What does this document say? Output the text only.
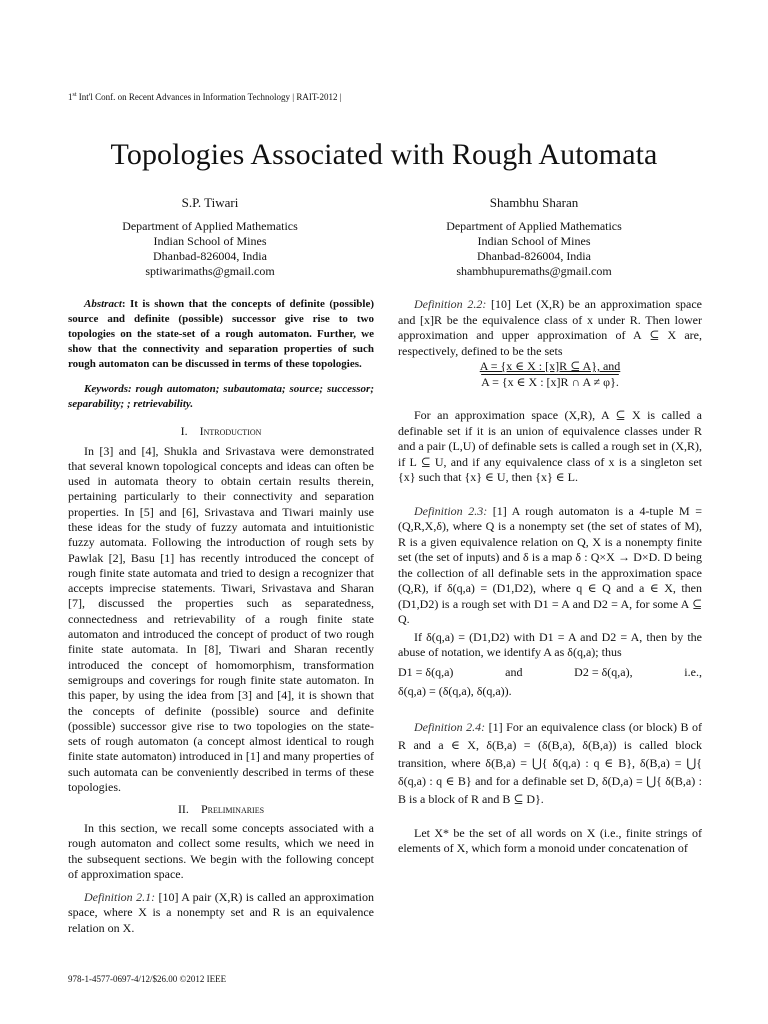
1st Int'l Conf. on Recent Advances in Information Technology | RAIT-2012 |
Topologies Associated with Rough Automata
S.P. Tiwari
Department of Applied Mathematics
Indian School of Mines
Dhanbad-826004, India
sptiwarimaths@gmail.com
Shambhu Sharan
Department of Applied Mathematics
Indian School of Mines
Dhanbad-826004, India
shambhupuremaths@gmail.com

Abstract: It is shown that the concepts of definite (possible) source and definite (possible) successor give rise to two topologies on the state-set of a rough automaton. Further, we show that the connectivity and separation properties of such rough automaton can be discussed in terms of these topologies.

Keywords: rough automaton; subautomata; source; successor; separability; ; retrievability.

I. Introduction

In [3] and [4], Shukla and Srivastava were demonstrated that several known topological concepts and ideas can often be used in automata theory to obtain certain results therein, pertaining particularly to their connectivity and separation properties. In [5] and [6], Srivastava and Tiwari mainly use these ideas for the study of fuzzy automata and intuitionistic fuzzy automata. Following the introduction of rough sets by Pawlak [2], Basu [1] has recently introduced the concept of rough finite state automata and tried to design a recognizer that accepts imprecise statements. Tiwari, Srivastava and Sharan [7], discussed the properties such as separatedness, connectedness and retrievability of a rough finite state automaton and introduced the concept of product of two rough finite state automata. In [8], Tiwari and Sharan recently introduced the concept of homomorphism, transformation semigroups and coverings for rough finite state automaton. In this paper, by using the idea from [3] and [4], it is shown that the concepts of definite (possible) source and definite (possible) successor give rise to two topologies on the state-sets of rough automaton (a concept almost identical to rough finite state automaton) introduced in [1] and many properties of such automata can be conveniently described in terms of these topologies.

II. Preliminaries

In this section, we recall some concepts associated with a rough automaton and collect some results, which we need in the subsequent sections. We begin with the following concept of approximation space.

Definition 2.1: [10] A pair (X,R) is called an approximation space, where X is a nonempty set and R is an equivalence relation on X.

Definition 2.2: [10] Let (X,R) be an approximation space and [x]R be the equivalence class of x under R. Then lower approximation and upper approximation of A ⊆ X are, respectively, defined to be the sets

A = {x ∈ X : [x]R ⊆ A}, and

A = {x ∈ X : [x]R ∩ A ≠ φ}.

For an approximation space (X,R), A ⊆ X is called a definable set if it is an union of equivalence classes under R and a pair (L,U) of definable sets is called a rough set in (X,R), if L ⊆ U, and if any equivalence class of x is a singleton set {x} such that {x} ∈ U, then {x} ∈ L.

Definition 2.3: [1] A rough automaton is a 4-tuple M = (Q,R,X,δ), where Q is a nonempty set (the set of states of M), R is a given equivalence relation on Q, X is a nonempty finite set (the set of inputs) and δ is a map δ : Q×X → D×D. D being the collection of all definable sets in the approximation space (Q,R), if δ(q,a) = (D1,D2), where q ∈ Q and a ∈ X, then (D1,D2) is a rough set with D1 = A and D2 = A, for some A ⊆ Q.

If δ(q,a) = (D1,D2) with D1 = A and D2 = A, then by the abuse of notation, we identify A as δ(q,a); thus

D1 = δ(q,a)	and	D2 = δ(q,a),	i.e.,

δ(q,a) = (δ(q,a), δ(q,a)).

Definition 2.4: [1] For an equivalence class (or block) B of R and a ∈ X, δ(B,a) = (δ(B,a), δ(B,a)) is called block transition, where δ(B,a) = ⋃{ δ(q,a) : q ∈ B}, δ(B,a) = ⋃{ δ(q,a) : q ∈ B} and for a definable set D, δ(D,a) = ⋃{ δ(B,a) : B is a block of R and B ⊆ D}.

Let X* be the set of all words on X (i.e., finite strings of elements of X, which form a monoid under concatenation of

978-1-4577-0697-4/12/$26.00 ©2012 IEEE
